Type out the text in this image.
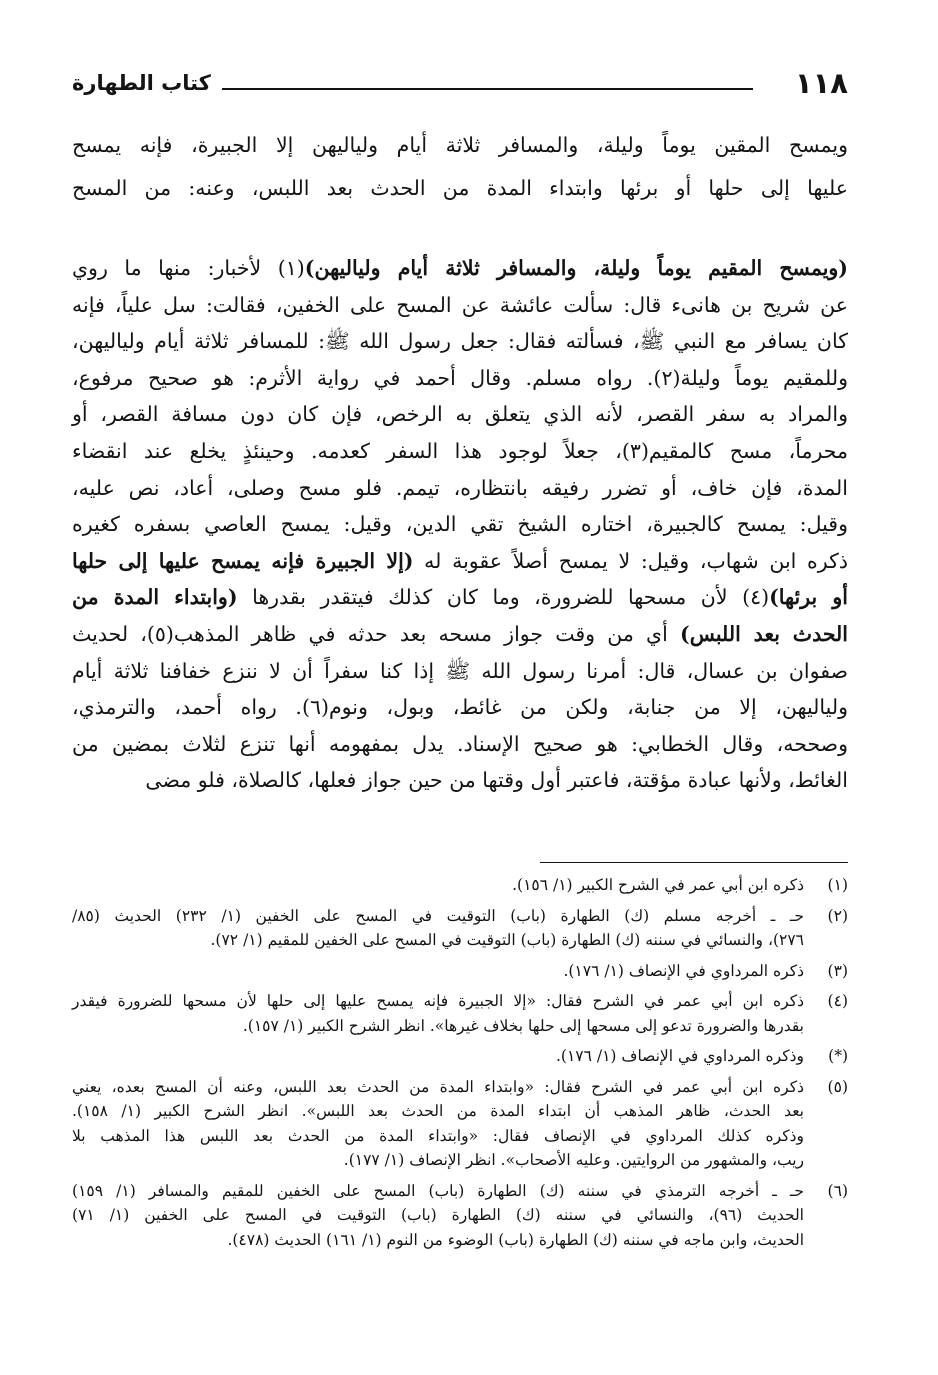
١١٨
كتاب الطهارة

ويمسح المقين يوماً وليلة، والمسافر ثلاثة أيام ولياليهن إلا الجبيرة، فإنه يمسح

عليها إلى حلها أو برئها وابتداء المدة من الحدث بعد اللبس، وعنه: من المسح

(ويمسح المقيم يوماً وليلة، والمسافر ثلاثة أيام ولياليهن)(١) لأخبار: منها ما روي

عن شريح بن هانىء قال: سألت عائشة عن المسح على الخفين، فقالت: سل علياً، فإنه

كان يسافر مع النبي ﷺ، فسألته فقال: جعل رسول الله ﷺ: للمسافر ثلاثة أيام ولياليهن،

وللمقيم يوماً وليلة(٢). رواه مسلم. وقال أحمد في رواية الأثرم: هو صحيح مرفوع،

والمراد به سفر القصر، لأنه الذي يتعلق به الرخص، فإن كان دون مسافة القصر، أو

محرماً، مسح كالمقيم(٣)، جعلاً لوجود هذا السفر كعدمه. وحينئذٍ يخلع عند انقضاء

المدة، فإن خاف، أو تضرر رفيقه بانتظاره، تيمم. فلو مسح وصلى، أعاد، نص عليه،

وقيل: يمسح كالجبيرة، اختاره الشيخ تقي الدين، وقيل: يمسح العاصي بسفره كغيره

ذكره ابن شهاب، وقيل: لا يمسح أصلاً عقوبة له (إلا الجبيرة فإنه يمسح عليها إلى حلها

أو برئها)(٤) لأن مسحها للضرورة، وما كان كذلك فيتقدر بقدرها (وابتداء المدة من

الحدث بعد اللبس) أي من وقت جواز مسحه بعد حدثه في ظاهر المذهب(٥)، لحديث

صفوان بن عسال، قال: أمرنا رسول الله ﷺ إذا كنا سفراً أن لا ننزع خفافنا ثلاثة أيام

ولياليهن، إلا من جنابة، ولكن من غائط، وبول، ونوم(٦). رواه أحمد، والترمذي،

وصححه، وقال الخطابي: هو صحيح الإسناد. يدل بمفهومه أنها تنزع لثلاث بمضين من

الغائط، ولأنها عبادة مؤقتة، فاعتبر أول وقتها من حين جواز فعلها، كالصلاة، فلو مضى

(١)
ذكره ابن أبي عمر في الشرح الكبير (١/ ١٥٦).
(٢)
حـ ـ أخرجه مسلم (ك) الطهارة (باب) التوقيت في المسح على الخفين (١/ ٢٣٢) الحديث (٨٥/
٢٧٦)، والنسائي في سننه (ك) الطهارة (باب) التوقيت في المسح على الخفين للمقيم (١/ ٧٢).
(٣)
ذكره المرداوي في الإنصاف (١/ ١٧٦).
(٤)
ذكره ابن أبي عمر في الشرح فقال: «إلا الجبيرة فإنه يمسح عليها إلى حلها لأن مسحها للضرورة فيقدر
بقدرها والضرورة تدعو إلى مسحها إلى حلها بخلاف غيرها». انظر الشرح الكبير (١/ ١٥٧).
(*)
وذكره المرداوي في الإنصاف (١/ ١٧٦).
(٥)
ذكره ابن أبي عمر في الشرح فقال: «وابتداء المدة من الحدث بعد اللبس، وعنه أن المسح بعده، يعني
بعد الحدث، ظاهر المذهب أن ابتداء المدة من الحدث بعد اللبس». انظر الشرح الكبير (١/ ١٥٨).
وذكره كذلك المرداوي في الإنصاف فقال: «وابتداء المدة من الحدث بعد اللبس هذا المذهب بلا
ريب، والمشهور من الروايتين. وعليه الأصحاب». انظر الإنصاف (١/ ١٧٧).
(٦)
حـ ـ أخرجه الترمذي في سننه (ك) الطهارة (باب) المسح على الخفين للمقيم والمسافر (١/ ١٥٩)
الحديث (٩٦)، والنسائي في سننه (ك) الطهارة (باب) التوقيت في المسح على الخفين (١/ ٧١)
الحديث، وابن ماجه في سننه (ك) الطهارة (باب) الوضوء من النوم (١/ ١٦١) الحديث (٤٧٨).
